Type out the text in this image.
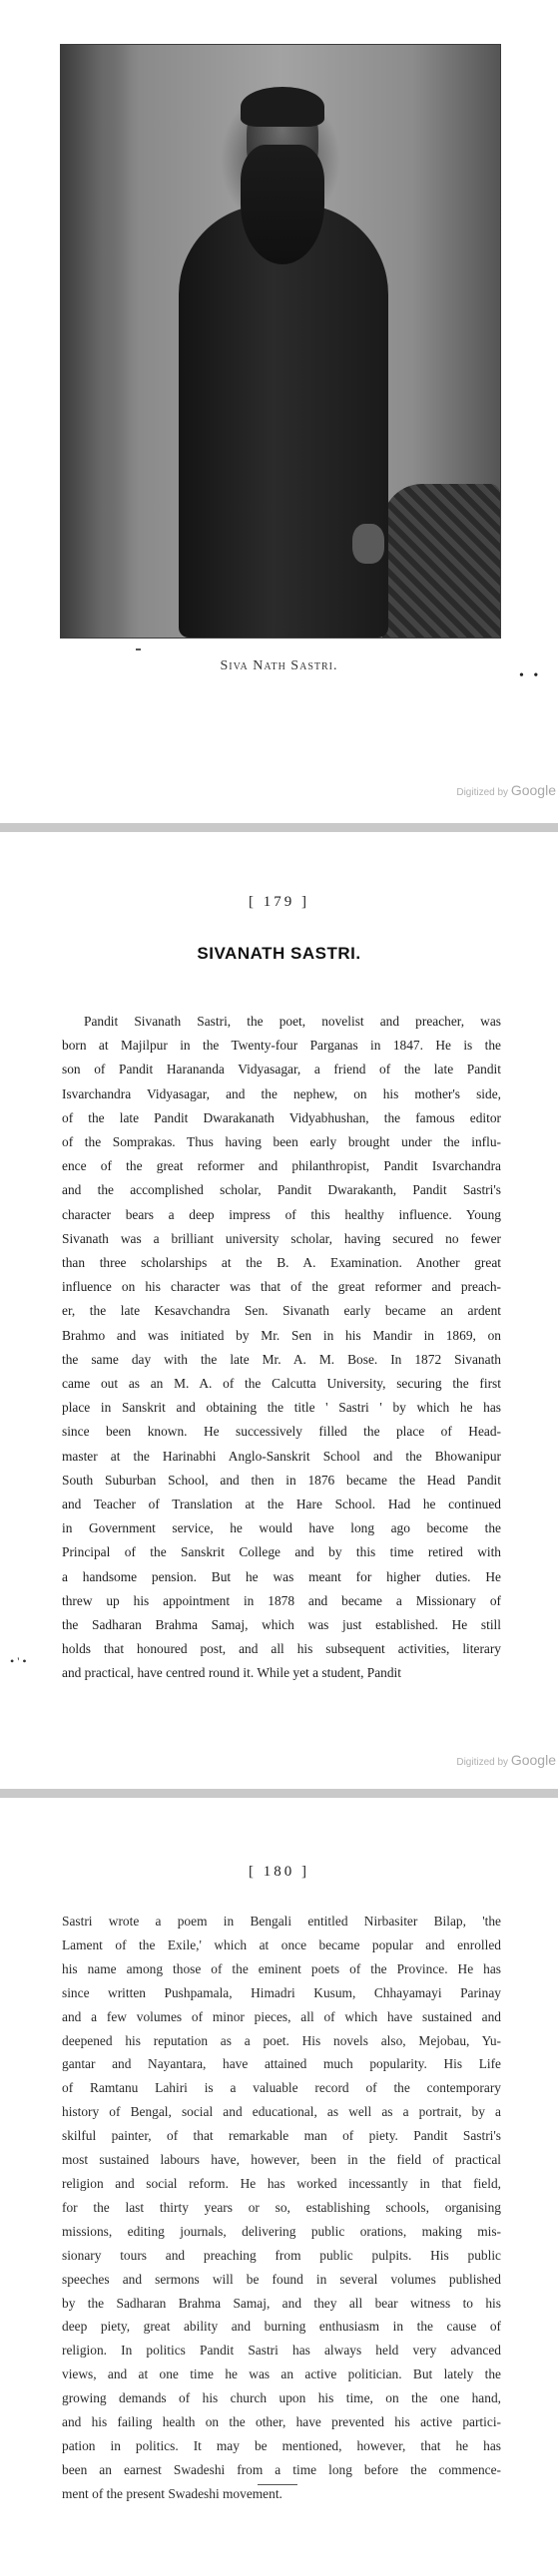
Siva Nath Sastri.
• •
Digitized by Google
[ 179 ]
SIVANATH SASTRI.
Pandit Sivanath Sastri, the poet, novelist and preacher, was
born at Majilpur in the Twenty-four Parganas in 1847. He is the
son of Pandit Harananda Vidyasagar, a friend of the late Pandit
Isvarchandra Vidyasagar, and the nephew, on his mother's side,
of the late Pandit Dwarakanath Vidyabhushan, the famous editor
of the Somprakas. Thus having been early brought under the influ-
ence of the great reformer and philanthropist, Pandit Isvarchandra
and the accomplished scholar, Pandit Dwarakanth, Pandit Sastri's
character bears a deep impress of this healthy influence. Young
Sivanath was a brilliant university scholar, having secured no fewer
than three scholarships at the B. A. Examination. Another great
influence on his character was that of the great reformer and preach-
er, the late Kesavchandra Sen. Sivanath early became an ardent
Brahmo and was initiated by Mr. Sen in his Mandir in 1869, on
the same day with the late Mr. A. M. Bose. In 1872 Sivanath
came out as an M. A. of the Calcutta University, securing the first
place in Sanskrit and obtaining the title ' Sastri ' by which he has
since been known. He successively filled the place of Head-
master at the Harinabhi Anglo-Sanskrit School and the Bhowanipur
South Suburban School, and then in 1876 became the Head Pandit
and Teacher of Translation at the Hare School. Had he continued
in Government service, he would have long ago become the
Principal of the Sanskrit College and by this time retired with
a handsome pension. But he was meant for higher duties. He
threw up his appointment in 1878 and became a Missionary of
the Sadharan Brahma Samaj, which was just established. He still
holds that honoured post, and all his subsequent activities, literary
and practical, have centred round it. While yet a student, Pandit
• ' •
Digitized by Google
[ 180 ]
Sastri wrote a poem in Bengali entitled Nirbasiter Bilap, 'the
Lament of the Exile,' which at once became popular and enrolled
his name among those of the eminent poets of the Province. He has
since written Pushpamala, Himadri Kusum, Chhayamayi Parinay
and a few volumes of minor pieces, all of which have sustained and
deepened his reputation as a poet. His novels also, Mejobau, Yu-
gantar and Nayantara, have attained much popularity. His Life
of Ramtanu Lahiri is a valuable record of the contemporary
history of Bengal, social and educational, as well as a portrait, by a
skilful painter, of that remarkable man of piety. Pandit Sastri's
most sustained labours have, however, been in the field of practical
religion and social reform. He has worked incessantly in that field,
for the last thirty years or so, establishing schools, organising
missions, editing journals, delivering public orations, making mis-
sionary tours and preaching from public pulpits. His public
speeches and sermons will be found in several volumes published
by the Sadharan Brahma Samaj, and they all bear witness to his
deep piety, great ability and burning enthusiasm in the cause of
religion. In politics Pandit Sastri has always held very advanced
views, and at one time he was an active politician. But lately the
growing demands of his church upon his time, on the one hand,
and his failing health on the other, have prevented his active partici-
pation in politics. It may be mentioned, however, that he has
been an earnest Swadeshi from a time long before the commence-
ment of the present Swadeshi movement.
